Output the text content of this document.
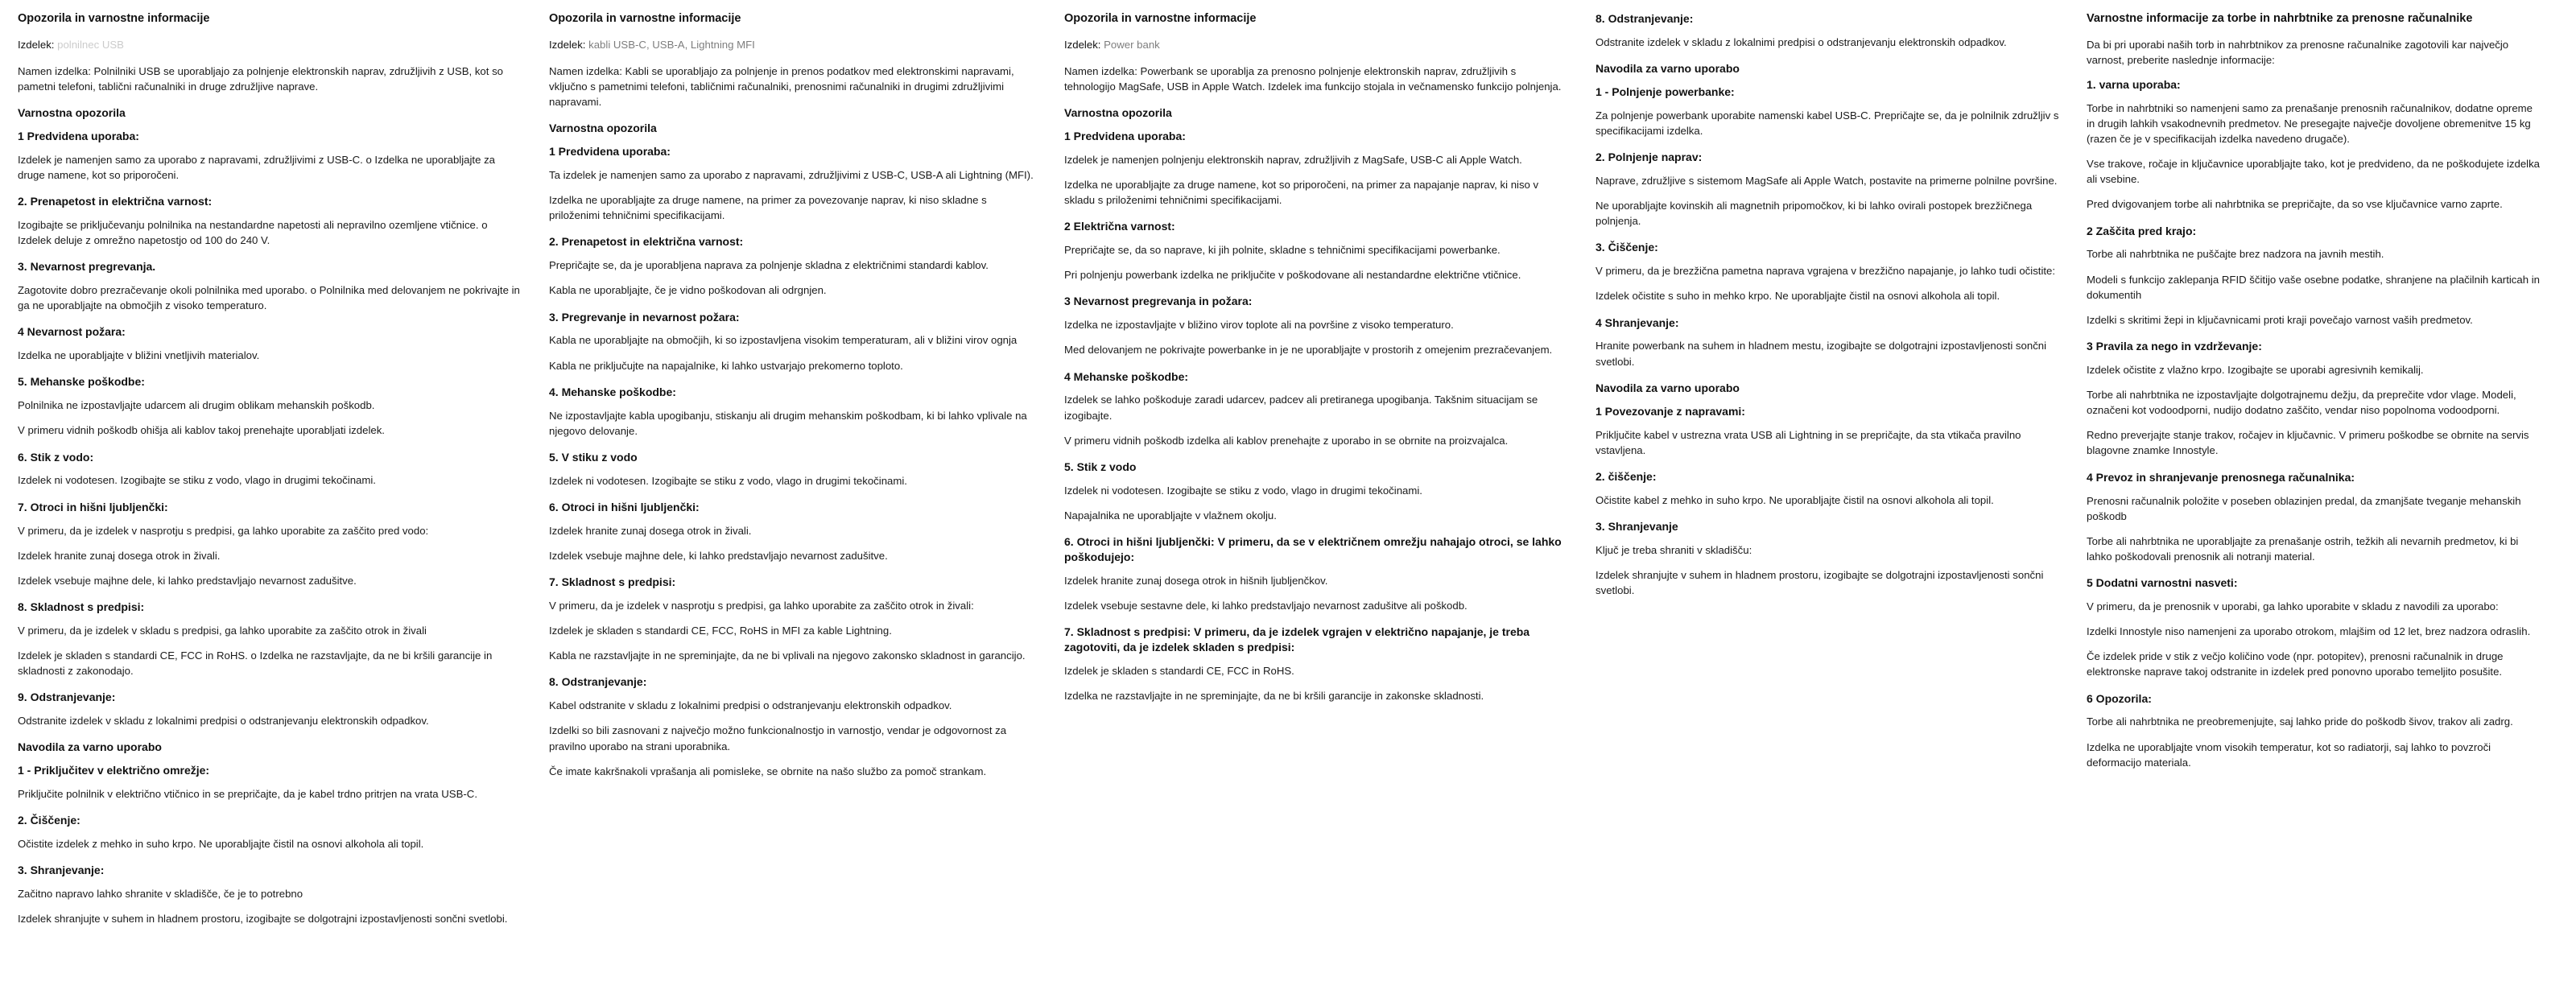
Opozorila in varnostne informacije
Izdelek: polnilnec USB
Namen izdelka: Polnilniki USB se uporabljajo za polnjenje elektronskih naprav, združljivih z USB, kot so pametni telefoni, tablični računalniki in druge združljive naprave.
Varnostna opozorila
1 Predvidena uporaba:
Izdelek je namenjen samo za uporabo z napravami, združljivimi z USB-C. o Izdelka ne uporabljajte za druge namene, kot so priporočeni.
2. Prenapetost in električna varnost:
Izogibajte se priključevanju polnilnika na nestandardne napetosti ali nepravilno ozemljene vtičnice. o Izdelek deluje z omrežno napetostjo od 100 do 240 V.
3. Nevarnost pregrevanja.
Zagotovite dobro prezračevanje okoli polnilnika med uporabo. o Polnilnika med delovanjem ne pokrivajte in ga ne uporabljajte na območjih z visoko temperaturo.
4 Nevarnost požara:
Izdelka ne uporabljajte v bližini vnetljivih materialov.
5. Mehanske poškodbe:
Polnilnika ne izpostavljajte udarcem ali drugim oblikam mehanskih poškodb.
V primeru vidnih poškodb ohišja ali kablov takoj prenehajte uporabljati izdelek.
6. Stik z vodo:
Izdelek ni vodotesen. Izogibajte se stiku z vodo, vlago in drugimi tekočinami.
7. Otroci in hišni ljubljenčki:
V primeru, da je izdelek v nasprotju s predpisi, ga lahko uporabite za zaščito pred vodo:
Izdelek hranite zunaj dosega otrok in živali.
Izdelek vsebuje majhne dele, ki lahko predstavljajo nevarnost zadušitve.
8. Skladnost s predpisi:
V primeru, da je izdelek v skladu s predpisi, ga lahko uporabite za zaščito otrok in živali
Izdelek je skladen s standardi CE, FCC in RoHS. o Izdelka ne razstavljajte, da ne bi kršili garancije in skladnosti z zakonodajo.
9. Odstranjevanje:
Odstranite izdelek v skladu z lokalnimi predpisi o odstranjevanju elektronskih odpadkov.
Navodila za varno uporabo
1 - Priključitev v električno omrežje:
Priključite polnilnik v električno vtičnico in se prepričajte, da je kabel trdno pritrjen na vrata USB-C.
2. Čiščenje:
Očistite izdelek z mehko in suho krpo. Ne uporabljajte čistil na osnovi alkohola ali topil.
3. Shranjevanje:
Začitno napravo lahko shranite v skladišče, če je to potrebno
Izdelek shranjujte v suhem in hladnem prostoru, izogibajte se dolgotrajni izpostavljenosti sončni svetlobi.
Opozorila in varnostne informacije
Izdelek: kabli USB-C, USB-A, Lightning MFI
Namen izdelka: Kabli se uporabljajo za polnjenje in prenos podatkov med elektronskimi napravami, vključno s pametnimi telefoni, tabličnimi računalniki, prenosnimi računalniki in drugimi združljivimi napravami.
Varnostna opozorila
1 Predvidena uporaba:
Ta izdelek je namenjen samo za uporabo z napravami, združljivimi z USB-C, USB-A ali Lightning (MFI).
Izdelka ne uporabljajte za druge namene, na primer za povezovanje naprav, ki niso skladne s priloženimi tehničnimi specifikacijami.
2. Prenapetost in električna varnost:
Prepričajte se, da je uporabljena naprava za polnjenje skladna z električnimi standardi kablov.
Kabla ne uporabljajte, če je vidno poškodovan ali odrgnjen.
3. Pregrevanje in nevarnost požara:
Kabla ne uporabljajte na območjih, ki so izpostavljena visokim temperaturam, ali v bližini virov ognja
Kabla ne priključujte na napajalnike, ki lahko ustvarjajo prekomerno toploto.
4. Mehanske poškodbe:
Ne izpostavljajte kabla upogibanju, stiskanju ali drugim mehanskim poškodbam, ki bi lahko vplivale na njegovo delovanje.
5. V stiku z vodo
Izdelek ni vodotesen. Izogibajte se stiku z vodo, vlago in drugimi tekočinami.
6. Otroci in hišni ljubljenčki:
Izdelek hranite zunaj dosega otrok in živali.
Izdelek vsebuje majhne dele, ki lahko predstavljajo nevarnost zadušitve.
7. Skladnost s predpisi:
V primeru, da je izdelek v nasprotju s predpisi, ga lahko uporabite za zaščito otrok in živali:
Izdelek je skladen s standardi CE, FCC, RoHS in MFI za kable Lightning.
Kabla ne razstavljajte in ne spreminjajte, da ne bi vplivali na njegovo zakonsko skladnost in garancijo.
8. Odstranjevanje:
Kabel odstranite v skladu z lokalnimi predpisi o odstranjevanju elektronskih odpadkov.
Izdelki so bili zasnovani z največjo možno funkcionalnostjo in varnostjo, vendar je odgovornost za pravilno uporabo na strani uporabnika.
Če imate kakršnakoli vprašanja ali pomisleke, se obrnite na našo službo za pomoč strankam.
Opozorila in varnostne informacije
Izdelek: Power bank
Namen izdelka: Powerbank se uporablja za prenosno polnjenje elektronskih naprav, združljivih s tehnologijo MagSafe, USB in Apple Watch. Izdelek ima funkcijo stojala in večnamensko funkcijo polnjenja.
Varnostna opozorila
1 Predvidena uporaba:
Izdelek je namenjen polnjenju elektronskih naprav, združljivih z MagSafe, USB-C ali Apple Watch.
Izdelka ne uporabljajte za druge namene, kot so priporočeni, na primer za napajanje naprav, ki niso v skladu s priloženimi tehničnimi specifikacijami.
2 Električna varnost:
Prepričajte se, da so naprave, ki jih polnite, skladne s tehničnimi specifikacijami powerbanke.
Pri polnjenju powerbank izdelka ne priključite v poškodovane ali nestandardne električne vtičnice.
3 Nevarnost pregrevanja in požara:
Izdelka ne izpostavljajte v bližino virov toplote ali na površine z visoko temperaturo.
Med delovanjem ne pokrivajte powerbanke in je ne uporabljajte v prostorih z omejenim prezračevanjem.
4 Mehanske poškodbe:
Izdelek se lahko poškoduje zaradi udarcev, padcev ali pretiranega upogibanja. Takšnim situacijam se izogibajte.
V primeru vidnih poškodb izdelka ali kablov prenehajte z uporabo in se obrnite na proizvajalca.
5. Stik z vodo
Izdelek ni vodotesen. Izogibajte se stiku z vodo, vlago in drugimi tekočinami.
Napajalnika ne uporabljajte v vlažnem okolju.
6. Otroci in hišni ljubljenčki: V primeru, da se v električnem omrežju nahajajo otroci, se lahko poškodujejo:
Izdelek hranite zunaj dosega otrok in hišnih ljubljenčkov.
Izdelek vsebuje sestavne dele, ki lahko predstavljajo nevarnost zadušitve ali poškodb.
7. Skladnost s predpisi: V primeru, da je izdelek vgrajen v električno napajanje, je treba zagotoviti, da je izdelek skladen s predpisi:
Izdelek je skladen s standardi CE, FCC in RoHS.
Izdelka ne razstavljajte in ne spreminjajte, da ne bi kršili garancije in zakonske skladnosti.
8. Odstranjevanje:
Odstranite izdelek v skladu z lokalnimi predpisi o odstranjevanju elektronskih odpadkov.
Navodila za varno uporabo
1 - Polnjenje powerbanke:
Za polnjenje powerbank uporabite namenski kabel USB-C. Prepričajte se, da je polnilnik združljiv s specifikacijami izdelka.
2. Polnjenje naprav:
Naprave, združljive s sistemom MagSafe ali Apple Watch, postavite na primerne polnilne površine.
Ne uporabljajte kovinskih ali magnetnih pripomočkov, ki bi lahko ovirali postopek brezžičnega polnjenja.
3. Čiščenje:
V primeru, da je brezžična pametna naprava vgrajena v brezžično napajanje, jo lahko tudi očistite:
Izdelek očistite s suho in mehko krpo. Ne uporabljajte čistil na osnovi alkohola ali topil.
4 Shranjevanje:
Hranite powerbank na suhem in hladnem mestu, izogibajte se dolgotrajni izpostavljenosti sončni svetlobi.
Navodila za varno uporabo
1 Povezovanje z napravami:
Priključite kabel v ustrezna vrata USB ali Lightning in se prepričajte, da sta vtikača pravilno vstavljena.
2. čiščenje:
Očistite kabel z mehko in suho krpo. Ne uporabljajte čistil na osnovi alkohola ali topil.
3. Shranjevanje
Ključ je treba shraniti v skladišču:
Izdelek shranjujte v suhem in hladnem prostoru, izogibajte se dolgotrajni izpostavljenosti sončni svetlobi.
Varnostne informacije za torbe in nahrbtnike za prenosne računalnike
Da bi pri uporabi naših torb in nahrbtnikov za prenosne računalnike zagotovili kar največjo varnost, preberite naslednje informacije:
1. varna uporaba:
Torbe in nahrbtniki so namenjeni samo za prenašanje prenosnih računalnikov, dodatne opreme in drugih lahkih vsakodnevnih predmetov. Ne presegajte največje dovoljene obremenitve 15 kg (razen če je v specifikacijah izdelka navedeno drugače).
Vse trakove, ročaje in ključavnice uporabljajte tako, kot je predvideno, da ne poškodujete izdelka ali vsebine.
Pred dvigovanjem torbe ali nahrbtnika se prepričajte, da so vse ključavnice varno zaprte.
2 Zaščita pred krajo:
Torbe ali nahrbtnika ne puščajte brez nadzora na javnih mestih.
Modeli s funkcijo zaklepanja RFID ščitijo vaše osebne podatke, shranjene na plačilnih karticah in dokumentih
Izdelki s skritimi žepi in ključavnicami proti kraji povečajo varnost vaših predmetov.
3 Pravila za nego in vzdrževanje:
Izdelek očistite z vlažno krpo. Izogibajte se uporabi agresivnih kemikalij.
Torbe ali nahrbtnika ne izpostavljajte dolgotrajnemu dežju, da preprečite vdor vlage. Modeli, označeni kot vodoodporni, nudijo dodatno zaščito, vendar niso popolnoma vodoodporni.
Redno preverjajte stanje trakov, ročajev in ključavnic. V primeru poškodbe se obrnite na servis blagovne znamke Innostyle.
4 Prevoz in shranjevanje prenosnega računalnika:
Prenosni računalnik položite v poseben oblazinjen predal, da zmanjšate tveganje mehanskih poškodb
Torbe ali nahrbtnika ne uporabljajte za prenašanje ostrih, težkih ali nevarnih predmetov, ki bi lahko poškodovali prenosnik ali notranji material.
5 Dodatni varnostni nasveti:
V primeru, da je prenosnik v uporabi, ga lahko uporabite v skladu z navodili za uporabo:
Izdelki Innostyle niso namenjeni za uporabo otrokom, mlajšim od 12 let, brez nadzora odraslih.
Če izdelek pride v stik z večjo količino vode (npr. potopitev), prenosni računalnik in druge elektronske naprave takoj odstranite in izdelek pred ponovno uporabo temeljito posušite.
6 Opozorila:
Torbe ali nahrbtnika ne preobremenjujte, saj lahko pride do poškodb šivov, trakov ali zadrg.
Izdelka ne uporabljajte vnom visokih temperatur, kot so radiatorji, saj lahko to povzroči deformacijo materiala.
